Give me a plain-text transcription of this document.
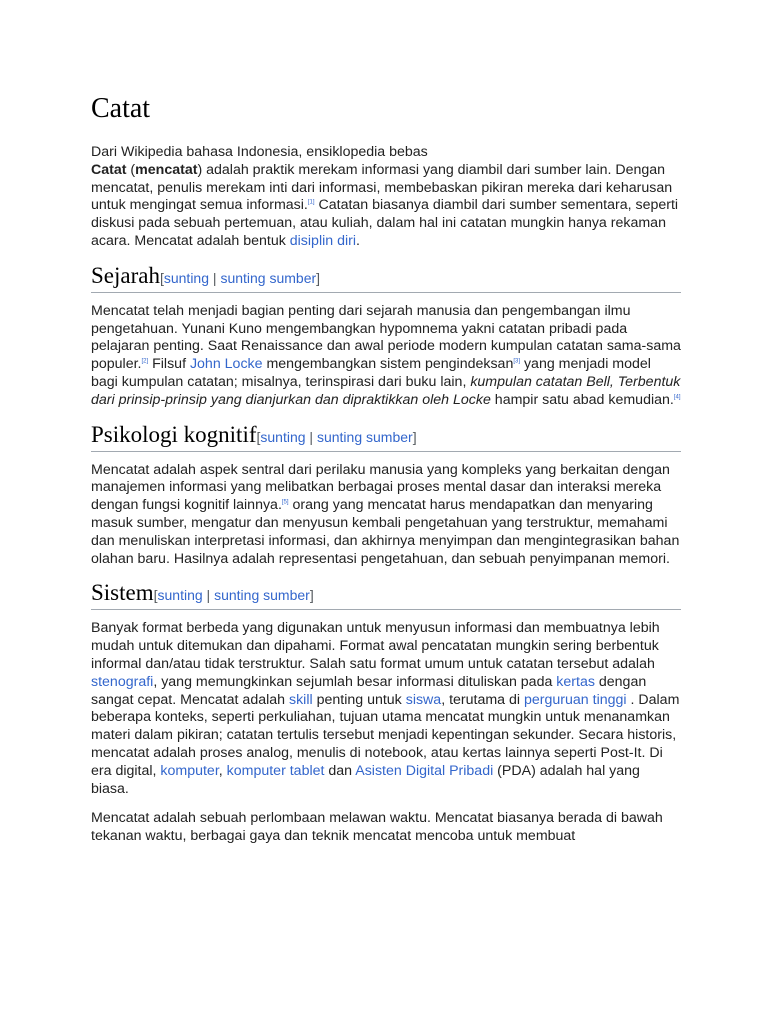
Catat

Dari Wikipedia bahasa Indonesia, ensiklopedia bebas

Catat (mencatat) adalah praktik merekam informasi yang diambil dari sumber lain. Dengan mencatat, penulis merekam inti dari informasi, membebaskan pikiran mereka dari keharusan untuk mengingat semua informasi.[1] Catatan biasanya diambil dari sumber sementara, seperti diskusi pada sebuah pertemuan, atau kuliah, dalam hal ini catatan mungkin hanya rekaman acara. Mencatat adalah bentuk disiplin diri.

Sejarah [sunting | sunting sumber]

Mencatat telah menjadi bagian penting dari sejarah manusia dan pengembangan ilmu pengetahuan. Yunani Kuno mengembangkan hypomnema yakni catatan pribadi pada pelajaran penting. Saat Renaissance dan awal periode modern kumpulan catatan sama-sama populer.[2] Filsuf John Locke mengembangkan sistem pengindeksan[3] yang menjadi model bagi kumpulan catatan; misalnya, terinspirasi dari buku lain, kumpulan catatan Bell, Terbentuk dari prinsip-prinsip yang dianjurkan dan dipraktikkan oleh Locke hampir satu abad kemudian.[4]

Psikologi kognitif [sunting | sunting sumber]

Mencatat adalah aspek sentral dari perilaku manusia yang kompleks yang berkaitan dengan manajemen informasi yang melibatkan berbagai proses mental dasar dan interaksi mereka dengan fungsi kognitif lainnya.[5] orang yang mencatat harus mendapatkan dan menyaring masuk sumber, mengatur dan menyusun kembali pengetahuan yang terstruktur, memahami dan menuliskan interpretasi informasi, dan akhirnya menyimpan dan mengintegrasikan bahan olahan baru. Hasilnya adalah representasi pengetahuan, dan sebuah penyimpanan memori.

Sistem [sunting | sunting sumber]

Banyak format berbeda yang digunakan untuk menyusun informasi dan membuatnya lebih mudah untuk ditemukan dan dipahami. Format awal pencatatan mungkin sering berbentuk informal dan/atau tidak terstruktur. Salah satu format umum untuk catatan tersebut adalah stenografi, yang memungkinkan sejumlah besar informasi dituliskan pada kertas dengan sangat cepat. Mencatat adalah skill penting untuk siswa, terutama di perguruan tinggi . Dalam beberapa konteks, seperti perkuliahan, tujuan utama mencatat mungkin untuk menanamkan materi dalam pikiran; catatan tertulis tersebut menjadi kepentingan sekunder. Secara historis, mencatat adalah proses analog, menulis di notebook, atau kertas lainnya seperti Post-It. Di era digital, komputer, komputer tablet dan Asisten Digital Pribadi (PDA) adalah hal yang biasa.

Mencatat adalah sebuah perlombaan melawan waktu. Mencatat biasanya berada di bawah tekanan waktu, berbagai gaya dan teknik mencatat mencoba untuk membuat
